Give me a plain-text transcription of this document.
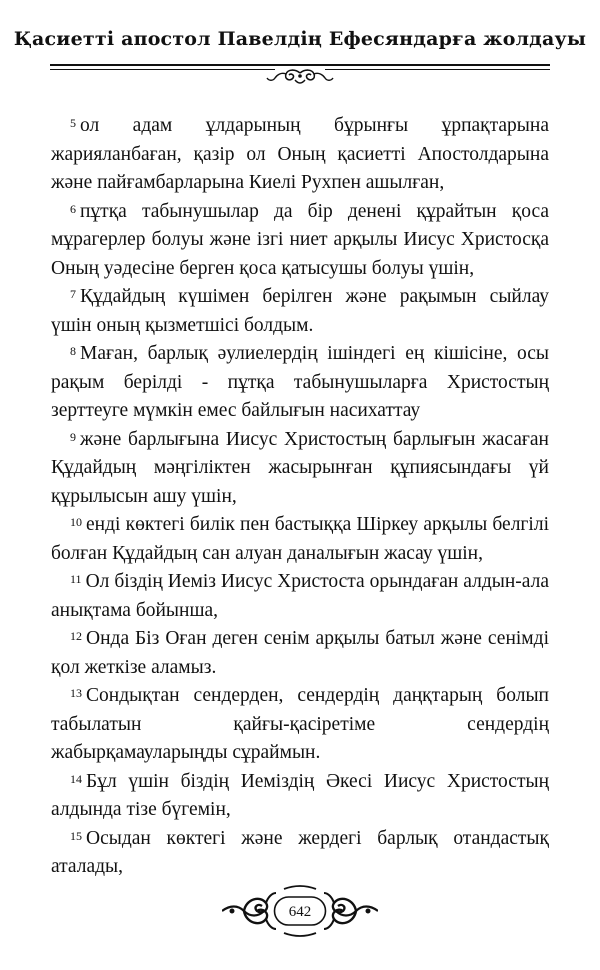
Қасиетті апостол Павелдің Ефесяндарға жолдауы

$^5$ ол адам ұлдарының бұрынғы ұрпақтарына жарияланбаған, қазір ол Оның қасиетті Апостолдарына және пайғамбарларына Киелі Рухпен ашылған,

$^6$ пұтқа табынушылар да бір денені құрайтын қоса мұрагерлер болуы және ізгі ниет арқылы Иисус Христосқа Оның уәдесіне берген қоса қатысушы болуы үшін,

$^7$ Құдайдың күшімен берілген және рақымын сыйлау үшін оның қызметшісі болдым.

$^8$ Маған, барлық әулиелердің ішіндегі ең кішісіне, осы рақым берілді - пұтқа табынушыларға Христостың зерттеуге мүмкін емес байлығын насихаттау

$^9$ және барлығына Иисус Христостың барлығын жасаған Құдайдың мәңгіліктен жасырынған құпиясындағы үй құрылысын ашу үшін,

$^{10}$ енді көктегі билік пен бастыққа Шіркеу арқылы белгілі болған Құдайдың сан алуан даналығын жасау үшін,

$^{11}$ Ол біздің Иеміз Иисус Христоста орындаған алдын-ала анықтама бойынша,

$^{12}$ Онда Біз Оған деген сенім арқылы батыл және сенімді қол жеткізе аламыз.

$^{13}$ Сондықтан сендерден, сендердің даңқтарың болып табылатын қайғы-қасіретіме сендердің жабырқамауларыңды сұраймын.

$^{14}$ Бұл үшін біздің Иеміздің Әкесі Иисус Христостың алдында тізе бүгемін,

$^{15}$ Осыдан көктегі және жердегі барлық отандастық аталады,

642
